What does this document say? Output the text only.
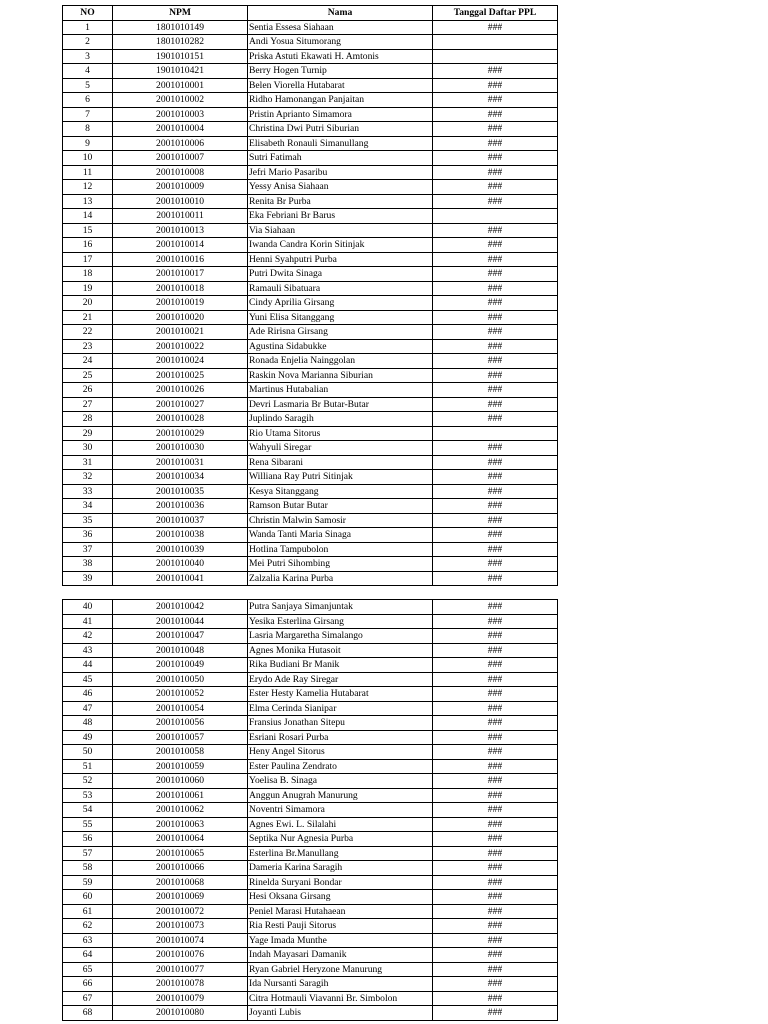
NO	NPM	Nama	Tanggal Daftar PPL
1	1801010149	Sentia Essesa Siahaan	###
2	1801010282	Andi Yosua Situmorang	
3	1901010151	Priska Astuti Ekawati H. Amtonis	
4	1901010421	Berry Hogen Turnip	###
5	2001010001	Belen Viorella Hutabarat	###
6	2001010002	Ridho Hamonangan Panjaitan	###
7	2001010003	Pristin Aprianto Simamora	###
8	2001010004	Christina Dwi Putri Siburian	###
9	2001010006	Elisabeth Ronauli Simanullang	###
10	2001010007	Sutri Fatimah	###
11	2001010008	Jefri Mario Pasaribu	###
12	2001010009	Yessy Anisa Siahaan	###
13	2001010010	Renita Br Purba	###
14	2001010011	Eka Febriani Br Barus	
15	2001010013	Via Siahaan	###
16	2001010014	Iwanda Candra Korin Sitinjak	###
17	2001010016	Henni Syahputri Purba	###
18	2001010017	Putri Dwita Sinaga	###
19	2001010018	Ramauli Sibatuara	###
20	2001010019	Cindy Aprilia Girsang	###
21	2001010020	Yuni Elisa Sitanggang	###
22	2001010021	Ade Ririsna Girsang	###
23	2001010022	Agustina Sidabukke	###
24	2001010024	Ronada Enjelia Nainggolan	###
25	2001010025	Raskin Nova Marianna Siburian	###
26	2001010026	Martinus Hutabalian	###
27	2001010027	Devri Lasmaria Br Butar-Butar	###
28	2001010028	Juplindo Saragih	###
29	2001010029	Rio Utama Sitorus	
30	2001010030	Wahyuli Siregar	###
31	2001010031	Rena Sibarani	###
32	2001010034	Williana Ray Putri Sitinjak	###
33	2001010035	Kesya Sitanggang	###
34	2001010036	Ramson Butar Butar	###
35	2001010037	Christin Malwin Samosir	###
36	2001010038	Wanda Tanti Maria Sinaga	###
37	2001010039	Hotlina Tampubolon	###
38	2001010040	Mei Putri Sihombing	###
39	2001010041	Zalzalia Karina Purba	###
40	2001010042	Putra Sanjaya Simanjuntak	###
41	2001010044	Yesika Esterlina Girsang	###
42	2001010047	Lasria Margaretha Simalango	###
43	2001010048	Agnes Monika Hutasoit	###
44	2001010049	Rika Budiani Br Manik	###
45	2001010050	Erydo Ade Ray Siregar	###
46	2001010052	Ester Hesty Kamelia Hutabarat	###
47	2001010054	Elma Cerinda Sianipar	###
48	2001010056	Fransius Jonathan Sitepu	###
49	2001010057	Esriani Rosari Purba	###
50	2001010058	Heny Angel Sitorus	###
51	2001010059	Ester Paulina Zendrato	###
52	2001010060	Yoelisa B. Sinaga	###
53	2001010061	Anggun Anugrah Manurung	###
54	2001010062	Noventri Simamora	###
55	2001010063	Agnes Ewi. L. Silalahi	###
56	2001010064	Septika Nur Agnesia Purba	###
57	2001010065	Esterlina Br.Manullang	###
58	2001010066	Dameria Karina Saragih	###
59	2001010068	Rinelda Suryani Bondar	###
60	2001010069	Hesi Oksana Girsang	###
61	2001010072	Peniel Marasi Hutahaean	###
62	2001010073	Ria Resti Pauji Sitorus	###
63	2001010074	Yage Imada Munthe	###
64	2001010076	Indah Mayasari Damanik	###
65	2001010077	Ryan Gabriel Heryzone Manurung	###
66	2001010078	Ida Nursanti Saragih	###
67	2001010079	Citra Hotmauli Viavanni Br. Simbolon	###
68	2001010080	Joyanti Lubis	###
